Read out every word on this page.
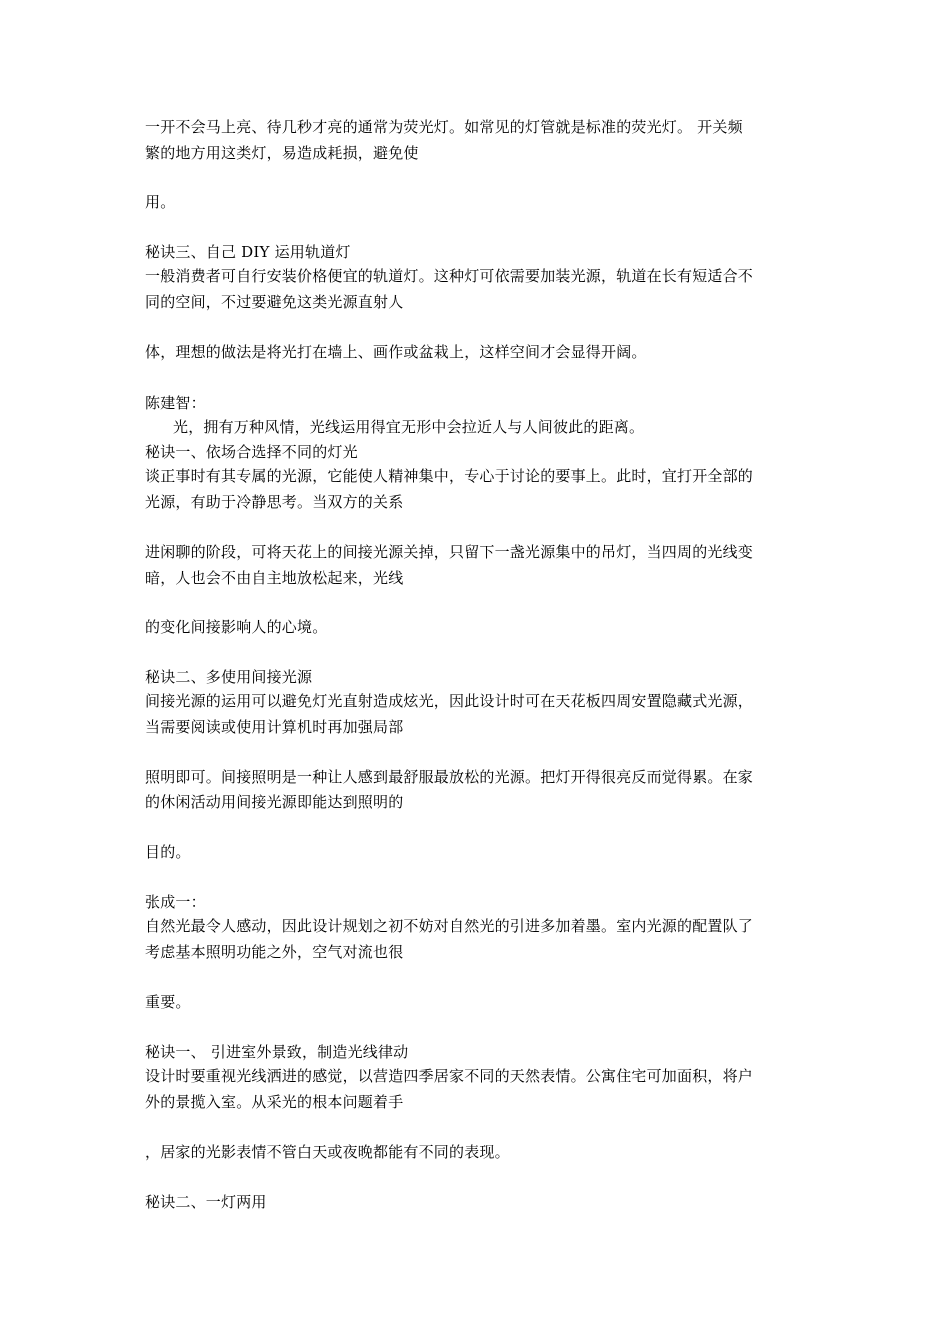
一开不会马上亮、待几秒才亮的通常为荧光灯。如常见的灯管就是标准的荧光灯。 开关频
繁的地方用这类灯，易造成耗损，避免使
用。
秘诀三、自己 DIY 运用轨道灯
一般消费者可自行安装价格便宜的轨道灯。这种灯可依需要加装光源，轨道在长有短适合不
同的空间，不过要避免这类光源直射人
体，理想的做法是将光打在墙上、画作或盆栽上，这样空间才会显得开阔。
陈建智：
光，拥有万种风情，光线运用得宜无形中会拉近人与人间彼此的距离。
秘诀一、依场合选择不同的灯光
谈正事时有其专属的光源，它能使人精神集中，专心于讨论的要事上。此时，宜打开全部的
光源，有助于冷静思考。当双方的关系
进闲聊的阶段，可将天花上的间接光源关掉，只留下一盏光源集中的吊灯，当四周的光线变
暗，人也会不由自主地放松起来，光线
的变化间接影响人的心境。
秘诀二、多使用间接光源
间接光源的运用可以避免灯光直射造成炫光，因此设计时可在天花板四周安置隐藏式光源，
当需要阅读或使用计算机时再加强局部
照明即可。间接照明是一种让人感到最舒服最放松的光源。把灯开得很亮反而觉得累。在家
的休闲活动用间接光源即能达到照明的
目的。
张成一：
自然光最令人感动，因此设计规划之初不妨对自然光的引进多加着墨。室内光源的配置队了
考虑基本照明功能之外，空气对流也很
重要。
秘诀一、 引进室外景致，制造光线律动
设计时要重视光线洒进的感觉，以营造四季居家不同的天然表情。公寓住宅可加面积，将户
外的景揽入室。从采光的根本问题着手
，居家的光影表情不管白天或夜晚都能有不同的表现。
秘诀二、一灯两用
